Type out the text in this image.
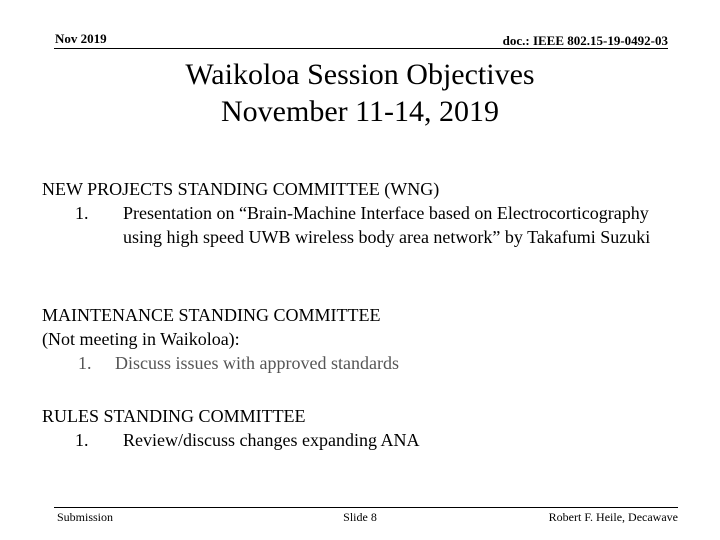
Nov 2019	doc.: IEEE 802.15-19-0492-03
Waikoloa Session Objectives
November 11-14, 2019
NEW PROJECTS STANDING COMMITTEE (WNG)
1. Presentation on “Brain-Machine Interface based on Electrocorticography using high speed UWB wireless body area network” by Takafumi Suzuki
MAINTENANCE STANDING COMMITTEE
(Not meeting in Waikoloa):
1. Discuss issues with approved standards
RULES STANDING COMMITTEE
1. Review/discuss changes expanding ANA
Submission	Slide 8	Robert F. Heile, Decawave
